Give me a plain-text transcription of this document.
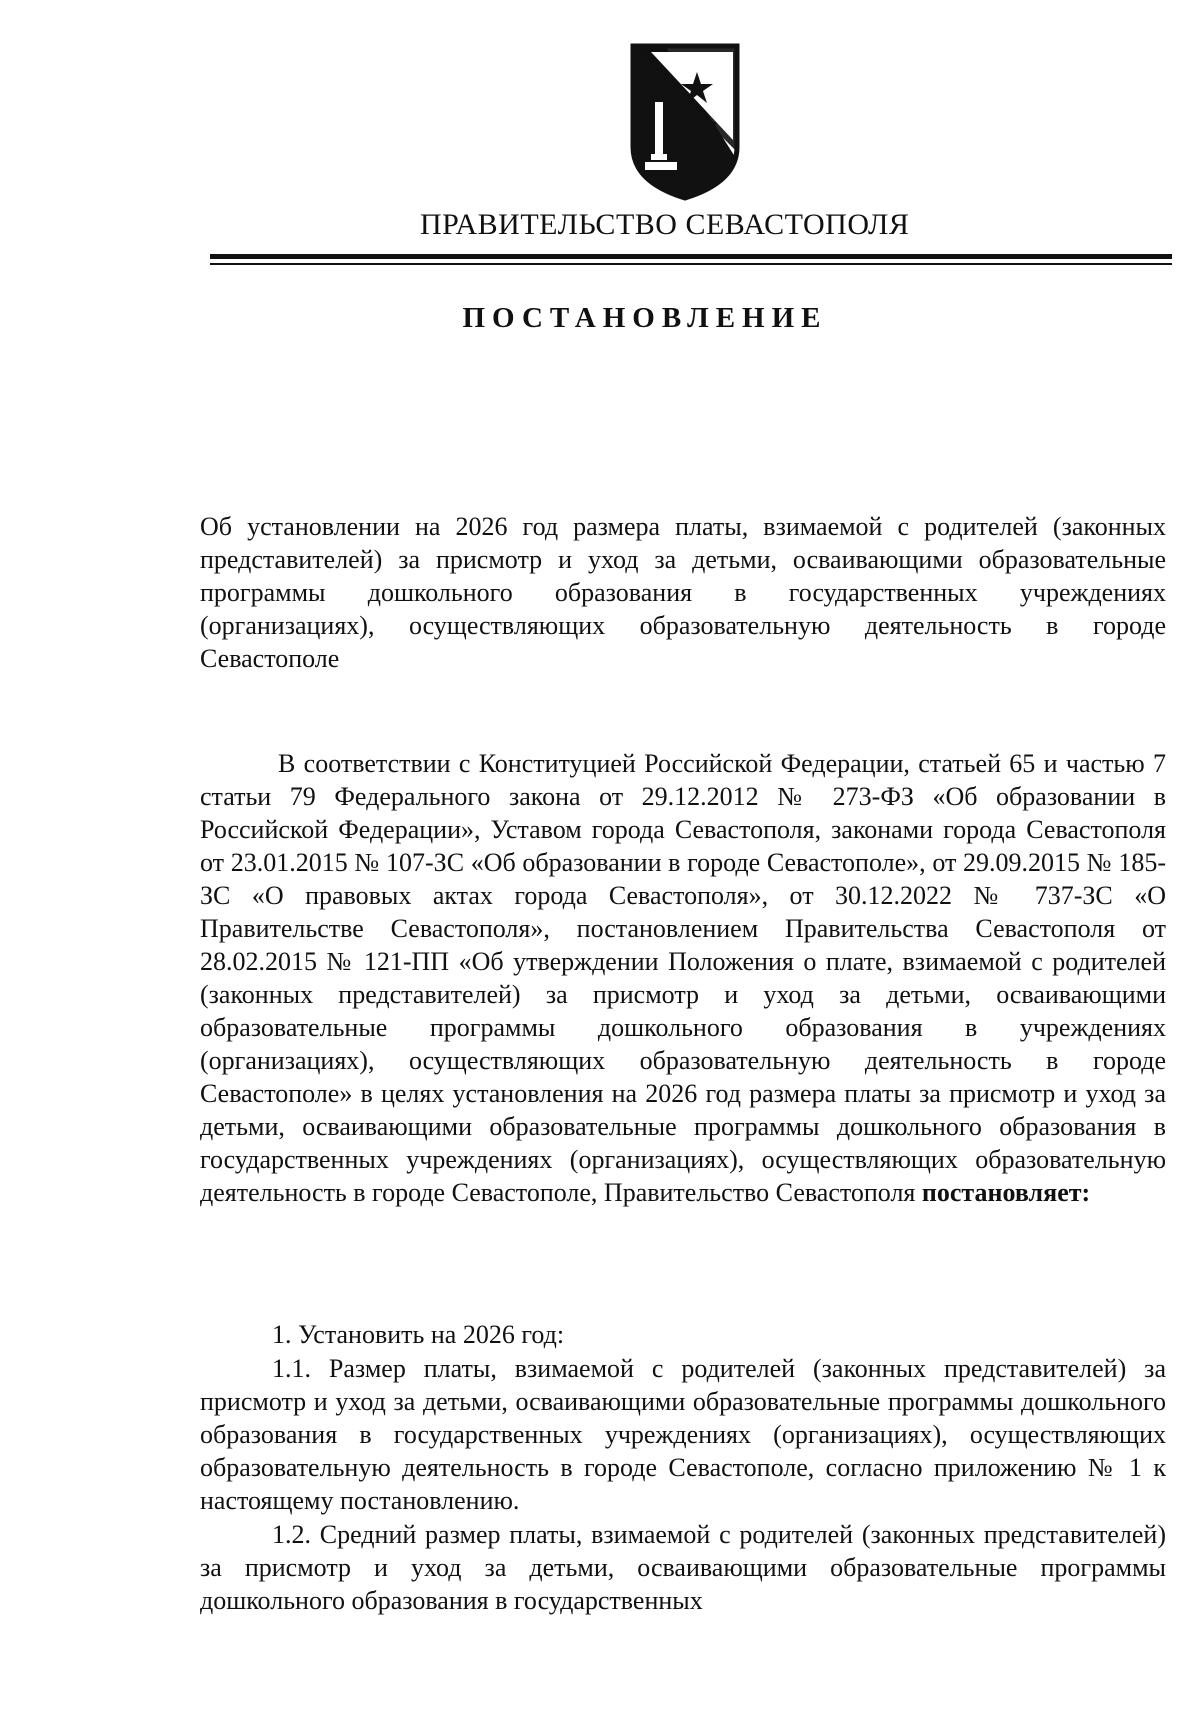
ПРАВИТЕЛЬСТВО СЕВАСТОПОЛЯ
ПОСТАНОВЛЕНИЕ
Об установлении на 2026 год размера платы, взимаемой с родителей (законных представителей) за присмотр и уход за детьми, осваивающими образовательные программы дошкольного образования в государственных учреждениях (организациях), осуществляющих образовательную деятельность в городе Севастополе
В соответствии с Конституцией Российской Федерации, статьей 65 и частью 7 статьи 79 Федерального закона от 29.12.2012 № 273-ФЗ «Об образовании в Российской Федерации», Уставом города Севастополя, законами города Севастополя от 23.01.2015 № 107-ЗС «Об образовании в городе Севастополе», от 29.09.2015 № 185-ЗС «О правовых актах города Севастополя», от 30.12.2022 № 737-ЗС «О Правительстве Севастополя», постановлением Правительства Севастополя от 28.02.2015 № 121-ПП «Об утверждении Положения о плате, взимаемой с родителей (законных представителей) за присмотр и уход за детьми, осваивающими образовательные программы дошкольного образования в учреждениях (организациях), осуществляющих образовательную деятельность в городе Севастополе» в целях установления на 2026 год размера платы за присмотр и уход за детьми, осваивающими образовательные программы дошкольного образования в государственных учреждениях (организациях), осуществляющих образовательную деятельность в городе Севастополе, Правительство Севастополя постановляет:
1. Установить на 2026 год:
1.1. Размер платы, взимаемой с родителей (законных представителей) за присмотр и уход за детьми, осваивающими образовательные программы дошкольного образования в государственных учреждениях (организациях), осуществляющих образовательную деятельность в городе Севастополе, согласно приложению № 1 к настоящему постановлению.
1.2. Средний размер платы, взимаемой с родителей (законных представителей) за присмотр и уход за детьми, осваивающими образовательные программы дошкольного образования в государственных
